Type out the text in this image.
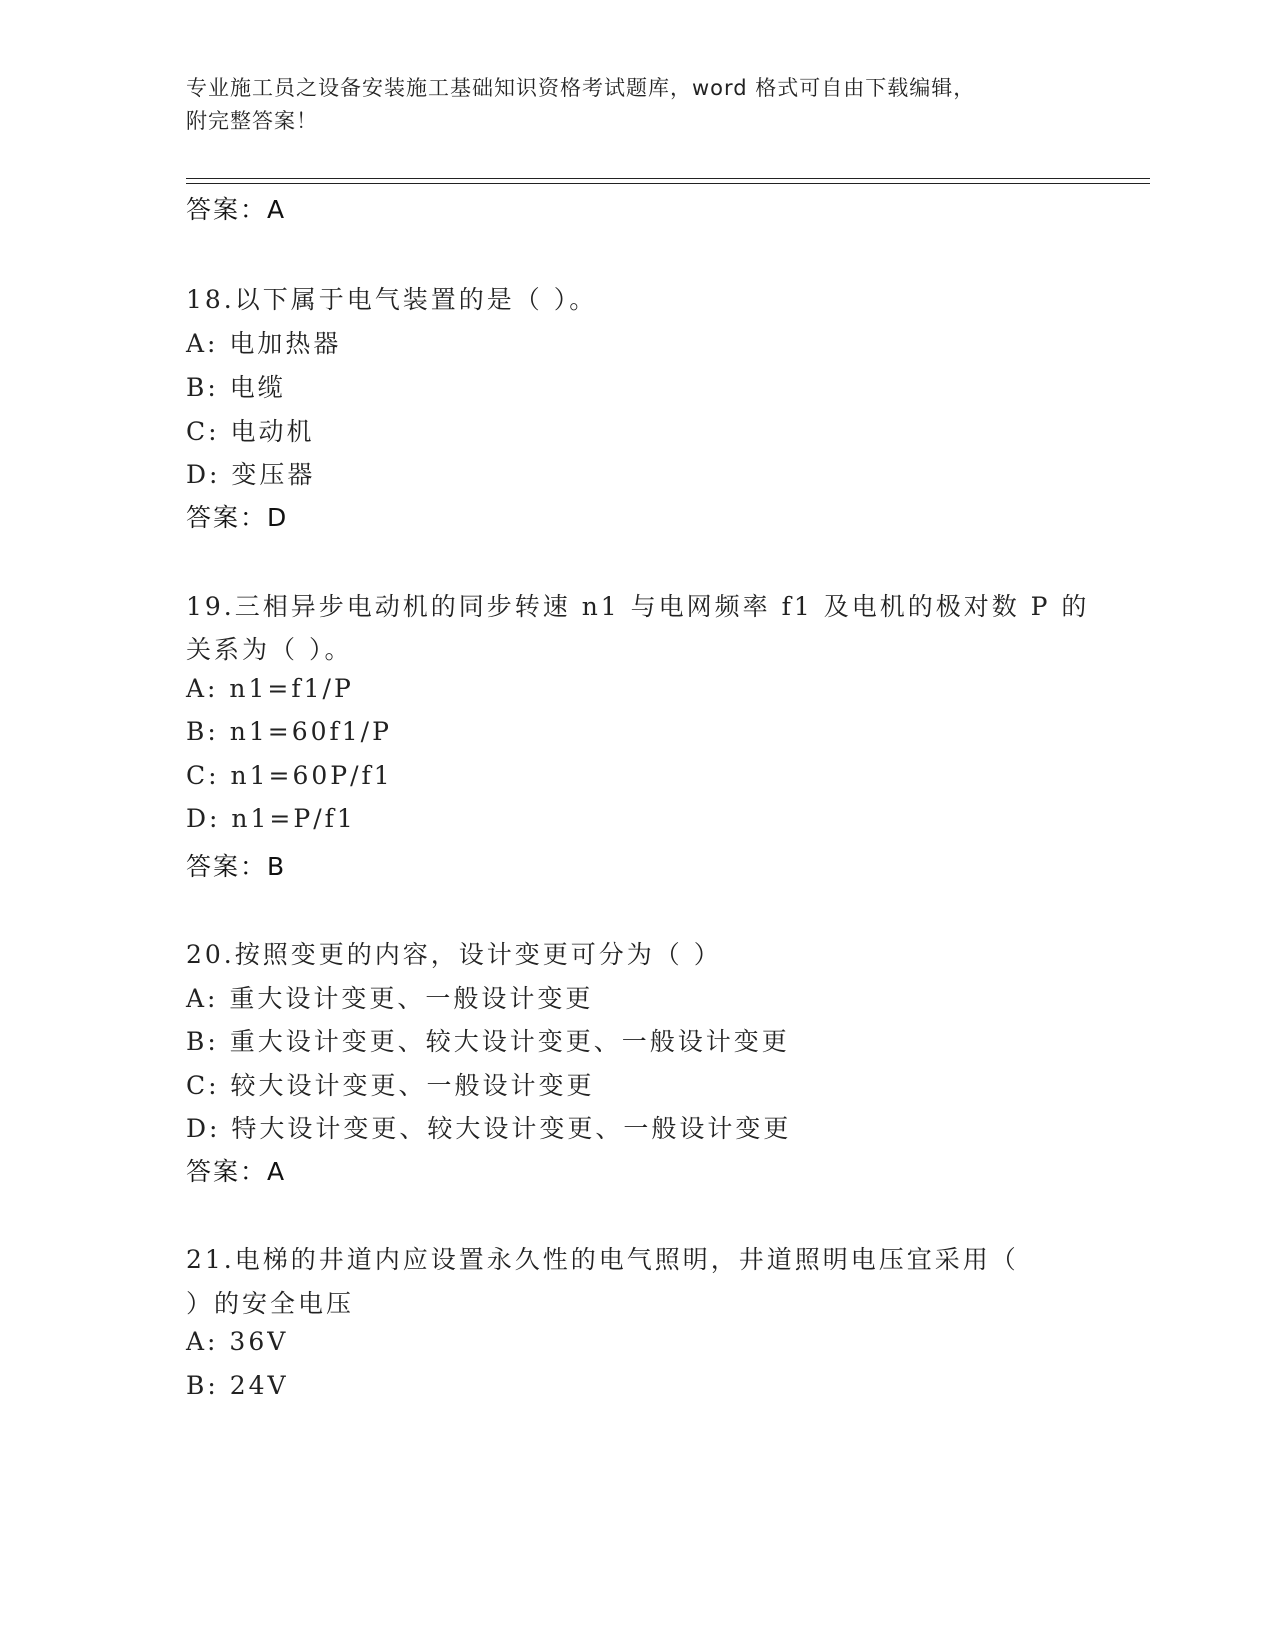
专业施工员之设备安装施工基础知识资格考试题库，word 格式可自由下载编辑，
附完整答案！
答案：A
18.以下属于电气装置的是（ ）。
A: 电加热器
B: 电缆
C: 电动机
D: 变压器
答案：D
19.三相异步电动机的同步转速 n1 与电网频率 f1 及电机的极对数 P 的
关系为（ ）。
A: n1=f1/P
B: n1=60f1/P
C: n1=60P/f1
D: n1=P/f1
答案：B
20.按照变更的内容，设计变更可分为（ ）
A: 重大设计变更、一般设计变更
B: 重大设计变更、较大设计变更、一般设计变更
C: 较大设计变更、一般设计变更
D: 特大设计变更、较大设计变更、一般设计变更
答案：A
21.电梯的井道内应设置永久性的电气照明，井道照明电压宜采用（
）的安全电压
A: 36V
B: 24V
